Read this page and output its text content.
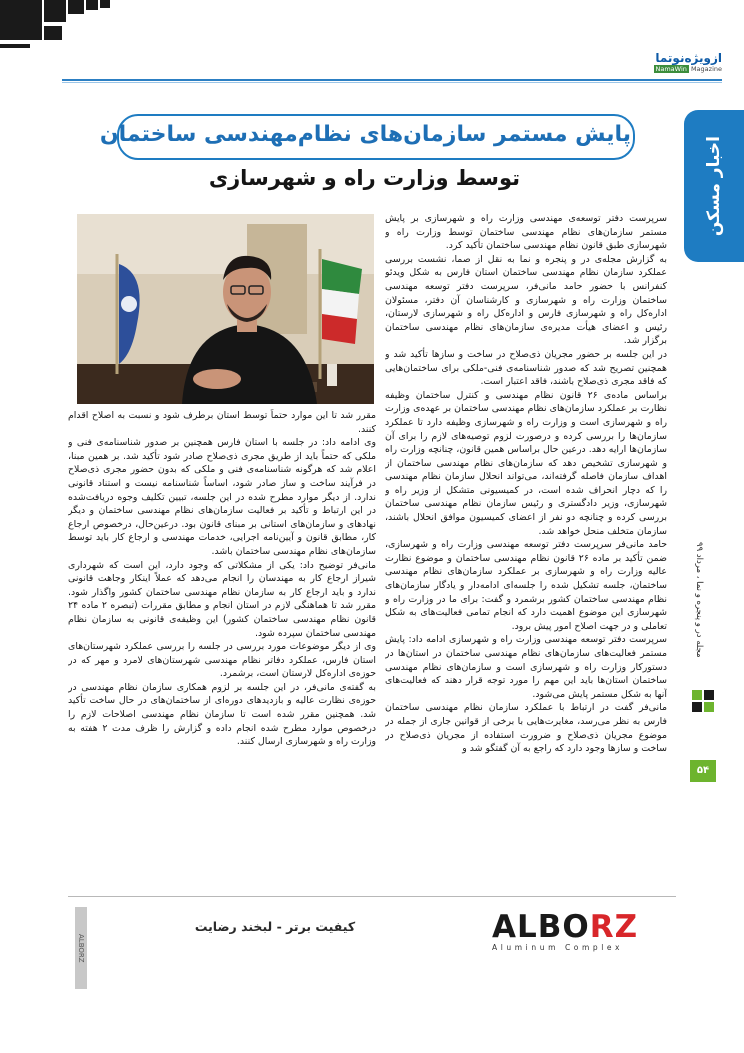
ازویژه‌نوتما
NamaWin Magazine
اخبار مسکن
پایش مستمر سازمان‌های نظام‌مهندسی ساختمان
توسط وزارت راه و شهرسازی

سرپرست دفتر توسعه‌ی مهندسی وزارت راه و شهرسازی بر پایش مستمر سازمان‌های نظام مهندسی ساختمان توسط وزارت راه و شهرسازی طبق قانون نظام مهندسی ساختمان تأکید کرد.

به گزارش مجله‌ی در و پنجره و نما به نقل از صما، نشست بررسی عملکرد سازمان نظام مهندسی ساختمان استان فارس به شکل ویدئو کنفرانس با حضور حامد مانی‌فر، سرپرست دفتر توسعه مهندسی ساختمان وزارت راه و شهرسازی و کارشناسان آن دفتر، مسئولان اداره‌کل راه و شهرسازی فارس و اداره‌کل راه و شهرسازی لارستان، رئیس و اعضای هیأت مدیره‌ی سازمان‌های نظام مهندسی ساختمان برگزار شد.

در این جلسه بر حضور مجریان ذی‌صلاح در ساخت و سازها تأکید شد و همچنین تصریح شد که صدور شناسنامه‌ی فنی-ملکی برای ساختمان‌هایی که فاقد مجری ذی‌صلاح باشند، فاقد اعتبار است.

براساس ماده‌ی ۲۶ قانون نظام مهندسی و کنترل ساختمان وظیفه نظارت بر عملکرد سازمان‌های نظام مهندسی ساختمان بر عهده‌ی وزارت راه و شهرسازی است و وزارت راه و شهرسازی وظیفه دارد تا عملکرد سازمان‌ها را بررسی کرده و درصورت لزوم توصیه‌های لازم را برای آن سازمان‌ها ارایه دهد. درعین حال براساس همین قانون، چنانچه وزارت راه و شهرسازی تشخیص دهد که سازمان‌های نظام مهندسی ساختمان از اهداف سازمان فاصله گرفته‌اند، می‌تواند انحلال سازمان نظام مهندسی را که دچار انحراف شده است، در کمیسیونی متشکل از وزیر راه و شهرسازی، وزیر دادگستری و رئیس سازمان نظام مهندسی ساختمان بررسی کرده و چنانچه دو نفر از اعضای کمیسیون موافق انحلال باشند، سازمان متخلف منحل خواهد شد.

حامد مانی‌فر سرپرست دفتر توسعه مهندسی وزارت راه و شهرسازی، ضمن تأکید بر ماده ۲۶ قانون نظام مهندسی ساختمان و موضوع نظارت عالیه وزارت راه و شهرسازی بر عملکرد سازمان‌های نظام مهندسی ساختمان، جلسه تشکیل شده را جلسه‌ای ادامه‌دار و یادگار سازمان‌های نظام مهندسی ساختمان کشور برشمرد و گفت: برای ما در وزارت راه و شهرسازی این موضوع اهمیت دارد که انجام تمامی فعالیت‌های به شکل تعاملی و در جهت اصلاح امور پیش برود.

سرپرست دفتر توسعه مهندسی وزارت راه و شهرسازی ادامه داد: پایش مستمر فعالیت‌های سازمان‌های نظام مهندسی ساختمان در استان‌ها در دستورکار وزارت راه و شهرسازی است و سازمان‌های نظام مهندسی ساختمان استان‌ها باید این مهم را مورد توجه قرار دهند که فعالیت‌های آنها به شکل مستمر پایش می‌شود.

مانی‌فر گفت در ارتباط با عملکرد سازمان نظام مهندسی ساختمان فارس به نظر می‌رسد، مغایرت‌هایی با برخی از قوانین جاری از جمله در موضوع مجریان ذی‌صلاح و ضرورت استفاده از مجریان ذی‌صلاح در ساخت و سازها وجود دارد که راجع به آن گفتگو شد و

مقرر شد تا این موارد حتماً توسط استان برطرف شود و نسبت به اصلاح اقدام کنند.

وی ادامه داد: در جلسه با استان فارس همچنین بر صدور شناسنامه‌ی فنی و ملکی که حتماً باید از طریق مجری ذی‌صلاح صادر شود تأکید شد. بر همین مبنا، اعلام شد که هرگونه شناسنامه‌ی فنی و ملکی که بدون حضور مجری ذی‌صلاح در فرآیند ساخت و ساز صادر شود، اساساً شناسنامه نیست و استناد قانونی ندارد. از دیگر موارد مطرح شده در این جلسه، تبیین تکلیف وجوه دریافت‌شده در این ارتباط و تأکید بر فعالیت سازمان‌های نظام مهندسی ساختمان و دیگر نهادهای و سازمان‌های استانی بر مبنای قانون بود. درعین‌حال، درخصوص ارجاع کار، مطابق قانون و آیین‌نامه اجرایی، خدمات مهندسی و ارجاع کار باید توسط سازمان‌های نظام مهندسی ساختمان باشد.

مانی‌فر توضیح داد: یکی از مشکلاتی که وجود دارد، این است که شهرداری شیراز ارجاع کار به مهندسان را انجام می‌دهد که عملاً اینکار وجاهت قانونی ندارد و باید ارجاع کار به سازمان نظام مهندسی ساختمان کشور واگذار شود. مقرر شد تا هماهنگی لازم در استان انجام و مطابق مقررات (تبصره ۲ ماده ۲۴ قانون نظام مهندسی ساختمان کشور) این وظیفه‌ی قانونی به سازمان نظام مهندسی ساختمان سپرده شود.

وی از دیگر موضوعات مورد بررسی در جلسه را بررسی عملکرد شهرستان‌های استان فارس، عملکرد دفاتر نظام مهندسی شهرستان‌های لامرد و مهر که در حوزه‌ی اداره‌کل لارستان است، برشمرد.

به گفته‌ی مانی‌فر، در این جلسه بر لزوم همکاری سازمان نظام مهندسی در حوزه‌ی نظارت عالیه و بازدیدهای دوره‌ای از ساختمان‌های در حال ساخت تأکید شد. همچنین مقرر شده است تا سازمان نظام مهندسی اصلاحات لازم را درخصوص موارد مطرح شده انجام داده و گزارش را ظرف مدت ۲ هفته به وزارت راه و شهرسازی ارسال کنند.

مجله در و پنجره و نما ، مرداد ۹۹
۵۴
ALBORZ
کیفیت برتر - لبخند رضایت	ALBORZ
Aluminum Complex
